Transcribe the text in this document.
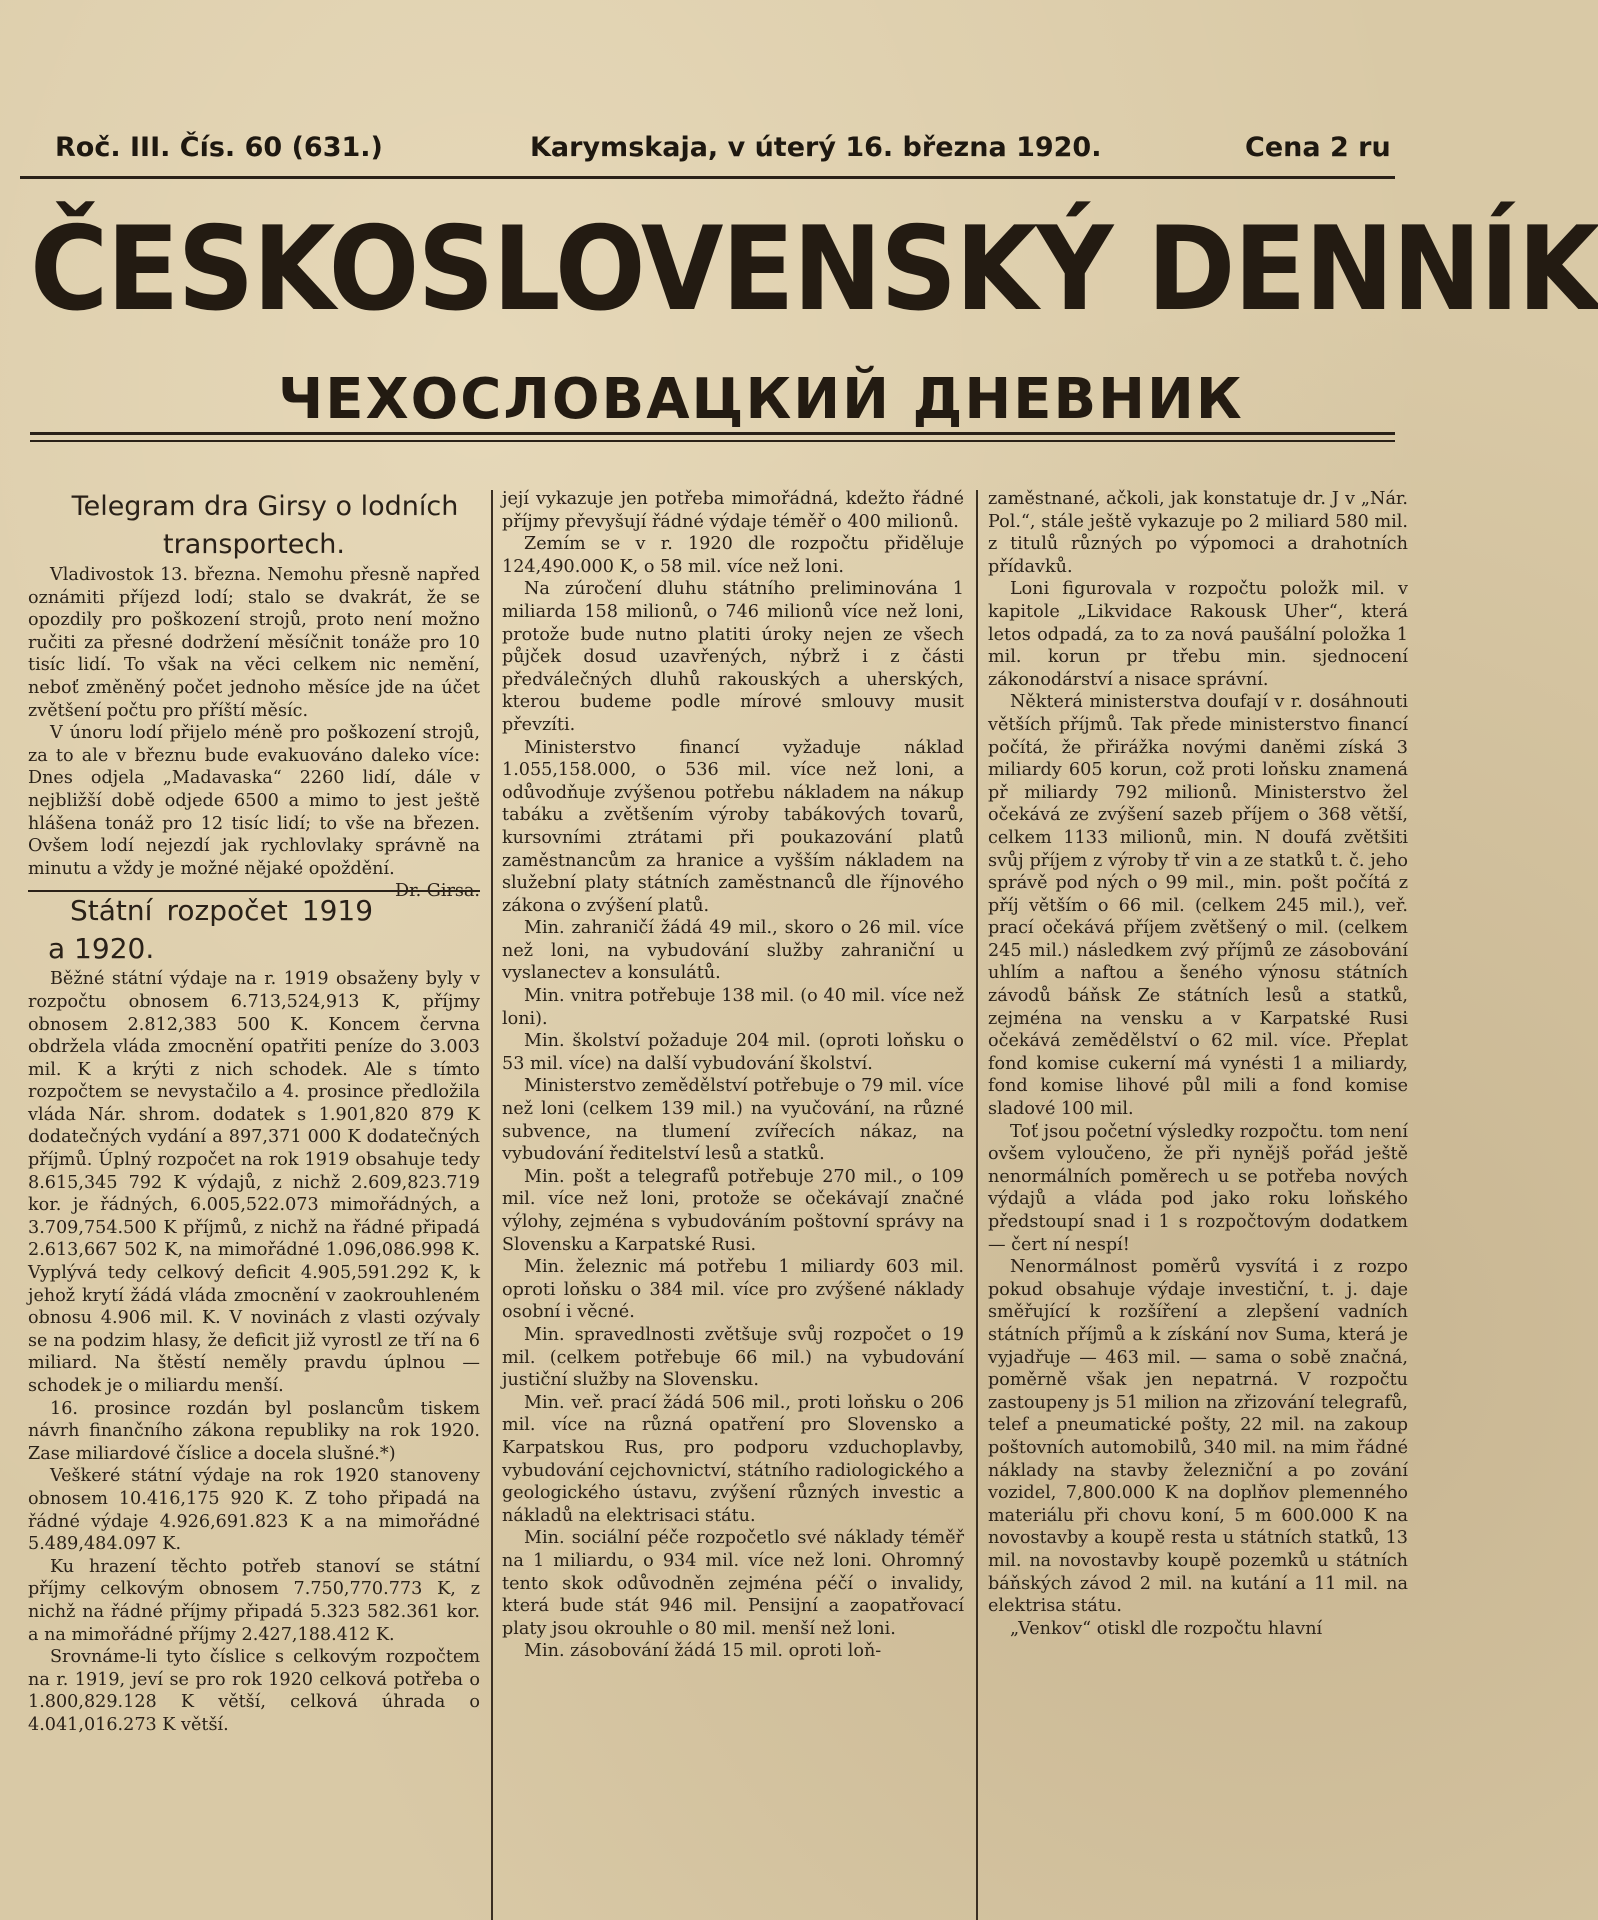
Roč. III. Čís. 60 (631.)	Karymskaja, v úterý 16. března 1920.	Cena 2 ru
ČESKOSLOVENSKÝ DENNÍK
ЧЕХОСЛОВАЦКИЙ ДНЕВНИК

Telegram dra Girsy o lodních transportech.

Vladivostok 13. března. Nemohu přesně napřed oznámiti příjezd lodí; stalo se dvakrát, že se opozdily pro poškození strojů, proto není možno ručiti za přesné dodržení měsíčnit tonáže pro 10 tisíc lidí. To však na věci celkem nic nemění, neboť změněný počet jednoho měsíce jde na účet zvětšení počtu pro příští měsíc.

V únoru lodí přijelo méně pro poškození strojů, za to ale v březnu bude evakuováno daleko více: Dnes odjela „Madavaska“ 2260 lidí, dále v nejbližší době odjede 6500 a mimo to jest ještě hlášena tonáž pro 12 tisíc lidí; to vše na březen. Ovšem lodí nejezdí jak rychlovlaky správně na minutu a vždy je možné nějaké opoždění.
Dr. Girsa.

Státní rozpočet 1919 a 1920.

Běžné státní výdaje na r. 1919 obsaženy byly v rozpočtu obnosem 6.713,524,913 K, příjmy obnosem 2.812,383 500 K. Koncem června obdržela vláda zmocnění opatřiti peníze do 3.003 mil. K a krýti z nich schodek. Ale s tímto rozpočtem se nevystačilo a 4. prosince předložila vláda Nár. shrom. dodatek s 1.901,820 879 K dodatečných vydání a 897,371 000 K dodatečných příjmů. Úplný rozpočet na rok 1919 obsahuje tedy 8.615,345 792 K výdajů, z nichž 2.609,823.719 kor. je řádných, 6.005,522.073 mimořádných, a 3.709,754.500 K příjmů, z nichž na řádné připadá 2.613,667 502 K, na mimořádné 1.096,086.998 K. Vyplývá tedy celkový deficit 4.905,591.292 K, k jehož krytí žádá vláda zmocnění v zaokrouhleném obnosu 4.906 mil. K. V novinách z vlasti ozývaly se na podzim hlasy, že deficit již vyrostl ze tří na 6 miliard. Na štěstí neměly pravdu úplnou — schodek je o miliardu menší.

16. prosince rozdán byl poslancům tiskem návrh finančního zákona republiky na rok 1920. Zase miliardové číslice a docela slušné.*)

Veškeré státní výdaje na rok 1920 stanoveny obnosem 10.416,175 920 K. Z toho připadá na řádné výdaje 4.926,691.823 K a na mimořádné 5.489,484.097 K.

Ku hrazení těchto potřeb stanoví se státní příjmy celkovým obnosem 7.750,770.773 K, z nichž na řádné příjmy připadá 5.323 582.361 kor. a na mimořádné příjmy 2.427,188.412 K.

Srovnáme-li tyto číslice s celkovým rozpočtem na r. 1919, jeví se pro rok 1920 celková potřeba o 1.800,829.128 K větší, celková úhrada o 4.041,016.273 K větší.

její vykazuje jen potřeba mimořádná, kdežto řádné příjmy převyšují řádné výdaje téměř o 400 milionů.

Zemím se v r. 1920 dle rozpočtu přiděluje 124,490.000 K, o 58 mil. více než loni.

Na zúročení dluhu státního preliminována 1 miliarda 158 milionů, o 746 milionů více než loni, protože bude nutno platiti úroky nejen ze všech půjček dosud uzavřených, nýbrž i z části předválečných dluhů rakouských a uherských, kterou budeme podle mírové smlouvy musit převzíti.

Ministerstvo financí vyžaduje náklad 1.055,158.000, o 536 mil. více než loni, a odůvodňuje zvýšenou potřebu nákladem na nákup tabáku a zvětšením výroby tabákových tovarů, kursovními ztrátami při poukazování platů zaměstnancům za hranice a vyšším nákladem na služební platy státních zaměstnanců dle říjnového zákona o zvýšení platů.

Min. zahraničí žádá 49 mil., skoro o 26 mil. více než loni, na vybudování služby zahraniční u vyslanectev a konsulátů.

Min. vnitra potřebuje 138 mil. (o 40 mil. více než loni).

Min. školství požaduje 204 mil. (oproti loňsku o 53 mil. více) na další vybudování školství.

Ministerstvo zemědělství potřebuje o 79 mil. více než loni (celkem 139 mil.) na vyučování, na různé subvence, na tlumení zvířecích nákaz, na vybudování ředitelství lesů a statků.

Min. pošt a telegrafů potřebuje 270 mil., o 109 mil. více než loni, protože se očekávají značné výlohy, zejména s vybudováním poštovní správy na Slovensku a Karpatské Rusi.

Min. železnic má potřebu 1 miliardy 603 mil. oproti loňsku o 384 mil. více pro zvýšené náklady osobní i věcné.

Min. spravedlnosti zvětšuje svůj rozpočet o 19 mil. (celkem potřebuje 66 mil.) na vybudování justiční služby na Slovensku.

Min. veř. prací žádá 506 mil., proti loňsku o 206 mil. více na různá opatření pro Slovensko a Karpatskou Rus, pro podporu vzduchoplavby, vybudování cejchovnictví, státního radiologického a geologického ústavu, zvýšení různých investic a nákladů na elektrisaci státu.

Min. sociální péče rozpočetlo své náklady téměř na 1 miliardu, o 934 mil. více než loni. Ohromný tento skok odůvodněn zejména péčí o invalidy, která bude stát 946 mil. Pensijní a zaopatřovací platy jsou okrouhle o 80 mil. menší než loni.

Min. zásobování žádá 15 mil. oproti loň-

zaměstnané, ačkoli, jak konstatuje dr. J v „Nár. Pol.“, stále ještě vykazuje po 2 miliard 580 mil. z titulů různých po výpomoci a drahotních přídavků.

Loni figurovala v rozpočtu položk mil. v kapitole „Likvidace Rakousk Uher“, která letos odpadá, za to za nová paušální položka 1 mil. korun pr třebu min. sjednocení zákonodárství a nisace správní.

Některá ministerstva doufají v r. dosáhnouti větších příjmů. Tak přede ministerstvo financí počítá, že přirážka novými daněmi získá 3 miliardy 605 korun, což proti loňsku znamená př miliardy 792 milionů. Ministerstvo žel očekává ze zvýšení sazeb příjem o 368 větší, celkem 1133 milionů, min. N doufá zvětšiti svůj příjem z výroby tř vin a ze statků t. č. jeho správě pod ných o 99 mil., min. pošt počítá z příj větším o 66 mil. (celkem 245 mil.), veř. prací očekává příjem zvětšený o mil. (celkem 245 mil.) následkem zvý příjmů ze zásobování uhlím a naftou a šeného výnosu státních závodů báňsk Ze státních lesů a statků, zejména na vensku a v Karpatské Rusi očekává zemědělství o 62 mil. více. Přeplat fond komise cukerní má vynésti 1 a miliardy, fond komise lihové půl mili a fond komise sladové 100 mil.

Toť jsou početní výsledky rozpočtu. tom není ovšem vyloučeno, že při nynějš pořád ještě nenormálních poměrech u se potřeba nových výdajů a vláda pod jako roku loňského předstoupí snad i 1 s rozpočtovým dodatkem — čert ní nespí!

Nenormálnost poměrů vysvítá i z rozpo pokud obsahuje výdaje investiční, t. j. daje směřující k rozšíření a zlepšení vadních státních příjmů a k získání nov Suma, která je vyjadřuje — 463 mil. — sama o sobě značná, poměrně však jen nepatrná. V rozpočtu zastoupeny js 51 milion na zřizování telegrafů, telef a pneumatické pošty, 22 mil. na zakoup poštovních automobilů, 340 mil. na mim řádné náklady na stavby železniční a po zování vozidel, 7,800.000 K na doplňov plemenného materiálu při chovu koní, 5 m 600.000 K na novostavby a koupě resta u státních statků, 13 mil. na novostavby koupě pozemků u státních báňských závod 2 mil. na kutání a 11 mil. na elektrisa státu.

„Venkov“ otiskl dle rozpočtu hlavní
